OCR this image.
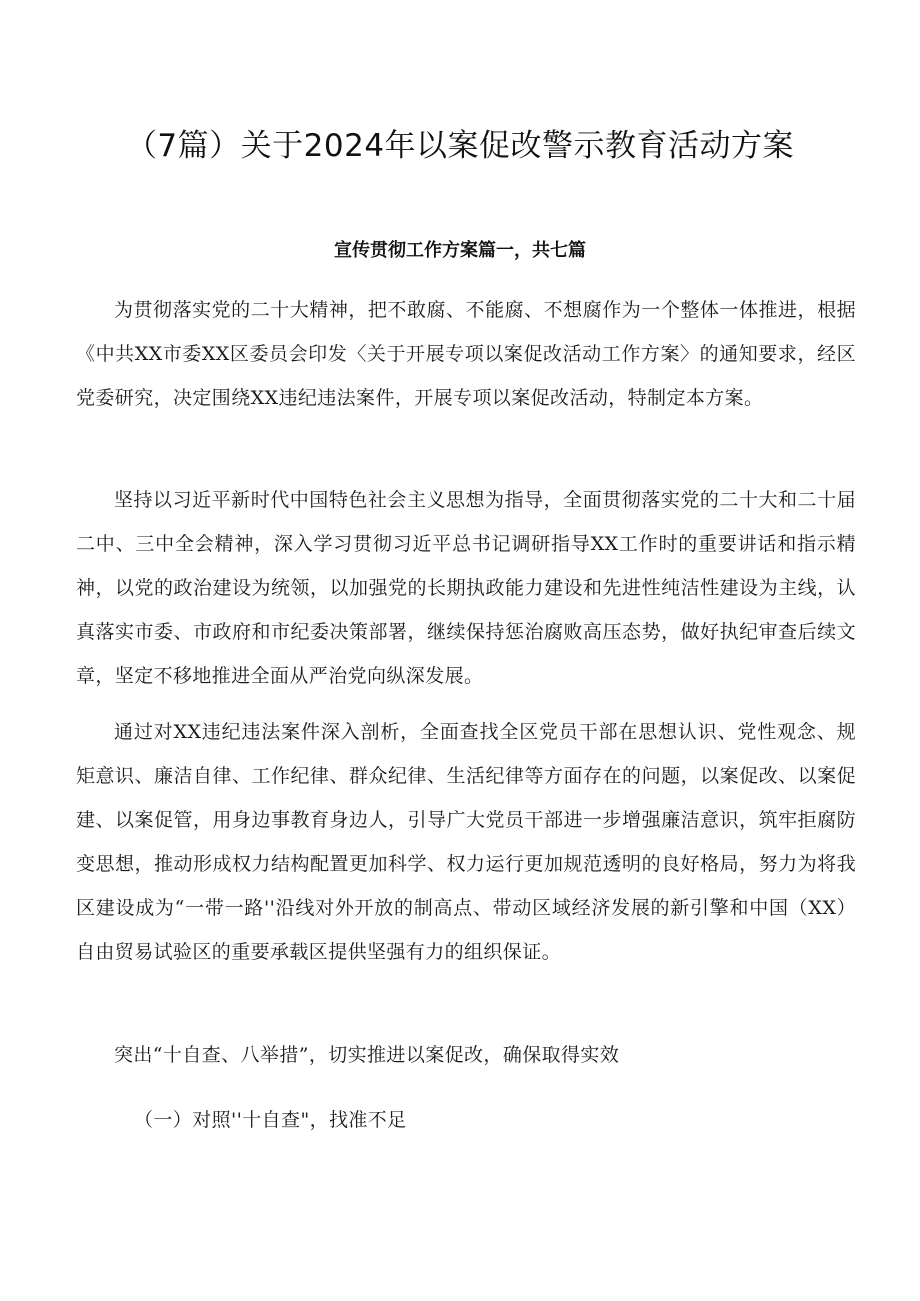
（7篇）关于2024年以案促改警示教育活动方案
宣传贯彻工作方案篇一，共七篇

为贯彻落实党的二十大精神，把不敢腐、不能腐、不想腐作为一个整体一体推进，根据《中共XX市委XX区委员会印发〈关于开展专项以案促改活动工作方案〉的通知要求，经区党委研究，决定围绕XX违纪违法案件，开展专项以案促改活动，特制定本方案。

坚持以习近平新时代中国特色社会主义思想为指导，全面贯彻落实党的二十大和二十届二中、三中全会精神，深入学习贯彻习近平总书记调研指导XX工作时的重要讲话和指示精神，以党的政治建设为统领，以加强党的长期执政能力建设和先进性纯洁性建设为主线，认真落实市委、市政府和市纪委决策部署，继续保持惩治腐败高压态势，做好执纪审查后续文章，坚定不移地推进全面从严治党向纵深发展。

通过对XX违纪违法案件深入剖析，全面查找全区党员干部在思想认识、党性观念、规矩意识、廉洁自律、工作纪律、群众纪律、生活纪律等方面存在的问题，以案促改、以案促建、以案促管，用身边事教育身边人，引导广大党员干部进一步增强廉洁意识，筑牢拒腐防变思想，推动形成权力结构配置更加科学、权力运行更加规范透明的良好格局，努力为将我区建设成为“一带一路''沿线对外开放的制高点、带动区域经济发展的新引擎和中国（XX）自由贸易试验区的重要承载区提供坚强有力的组织保证。

突出“十自查、八举措”，切实推进以案促改，确保取得实效

（一）对照''十自查"，找准不足
